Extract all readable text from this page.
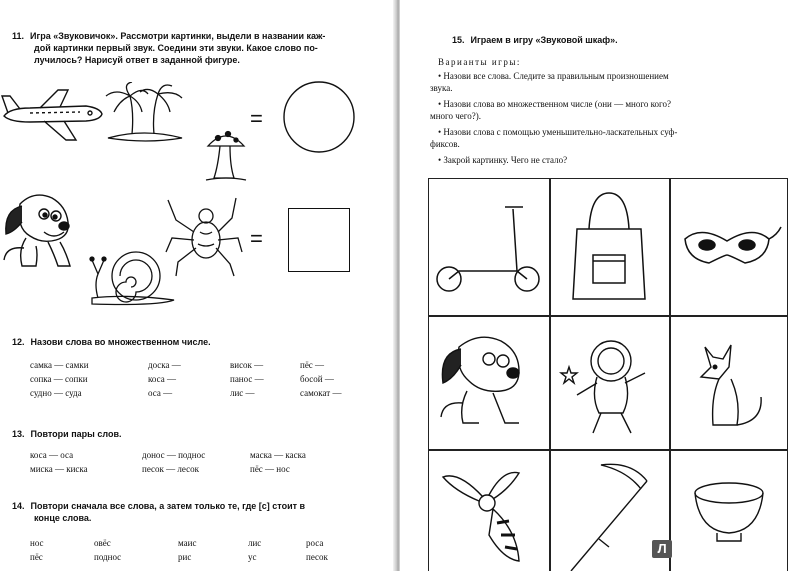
11. Игра «Звуковичок». Рассмотри картинки, выдели в названии каж-
дой картинки первый звук. Соедини эти звуки. Какое слово по-
лучилось? Нарисуй ответ в заданной фигуре.
=
=
12. Назови слова во множественном числе.
самка — самки	доска —	висок —	пёс —
сопка — сопки	коса —	панос —	босой —
судно — суда	оса —	лис —	самокат —
13. Повтори пары слов.
коса — оса	донос — поднос	маска — каска
миска — киска	песок — лесок	пёс — нос
14. Повтори сначала все слова, а затем только те, где [с] стоит в
конце слова.
нос	овёс	маис	лис	роса
пёс	поднос	рис	ус	песок
15. Играем в игру «Звуковой шкаф».
Варианты игры:
• Назови все слова. Следите за правильным произношением
звука.
• Назови слова во множественном числе (они — много кого?
много чего?).
• Назови слова с помощью уменьшительно-ласкательных суф-
фиксов.
• Закрой картинку. Чего не стало?
Л
